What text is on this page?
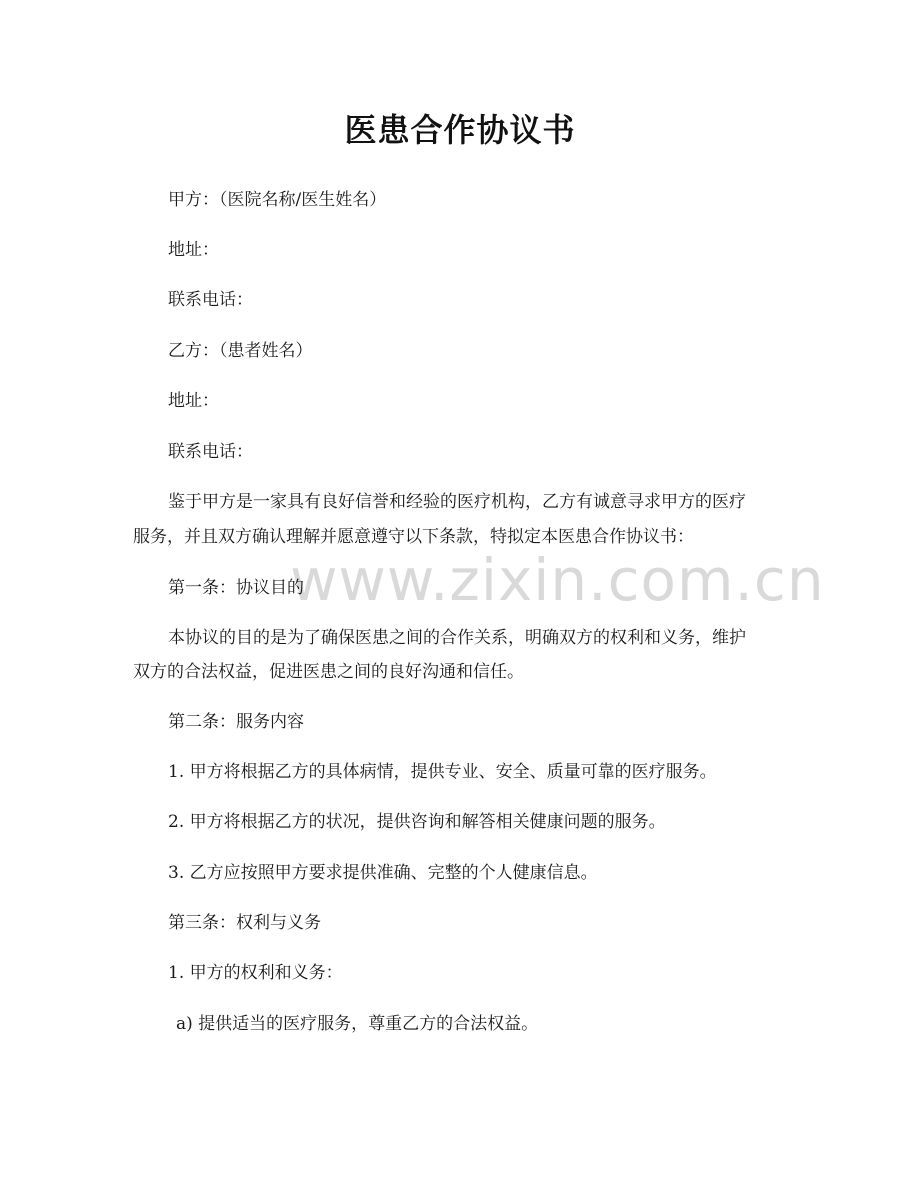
医患合作协议书
www.zixin.com.cn
甲方：（医院名称/医生姓名）
地址：
联系电话：
乙方：（患者姓名）
地址：
联系电话：
鉴于甲方是一家具有良好信誉和经验的医疗机构，乙方有诚意寻求甲方的医疗
服务，并且双方确认理解并愿意遵守以下条款，特拟定本医患合作协议书：
第一条：协议目的
本协议的目的是为了确保医患之间的合作关系，明确双方的权利和义务，维护
双方的合法权益，促进医患之间的良好沟通和信任。
第二条：服务内容
1. 甲方将根据乙方的具体病情，提供专业、安全、质量可靠的医疗服务。
2. 甲方将根据乙方的状况，提供咨询和解答相关健康问题的服务。
3. 乙方应按照甲方要求提供准确、完整的个人健康信息。
第三条：权利与义务
1. 甲方的权利和义务：
a) 提供适当的医疗服务，尊重乙方的合法权益。
